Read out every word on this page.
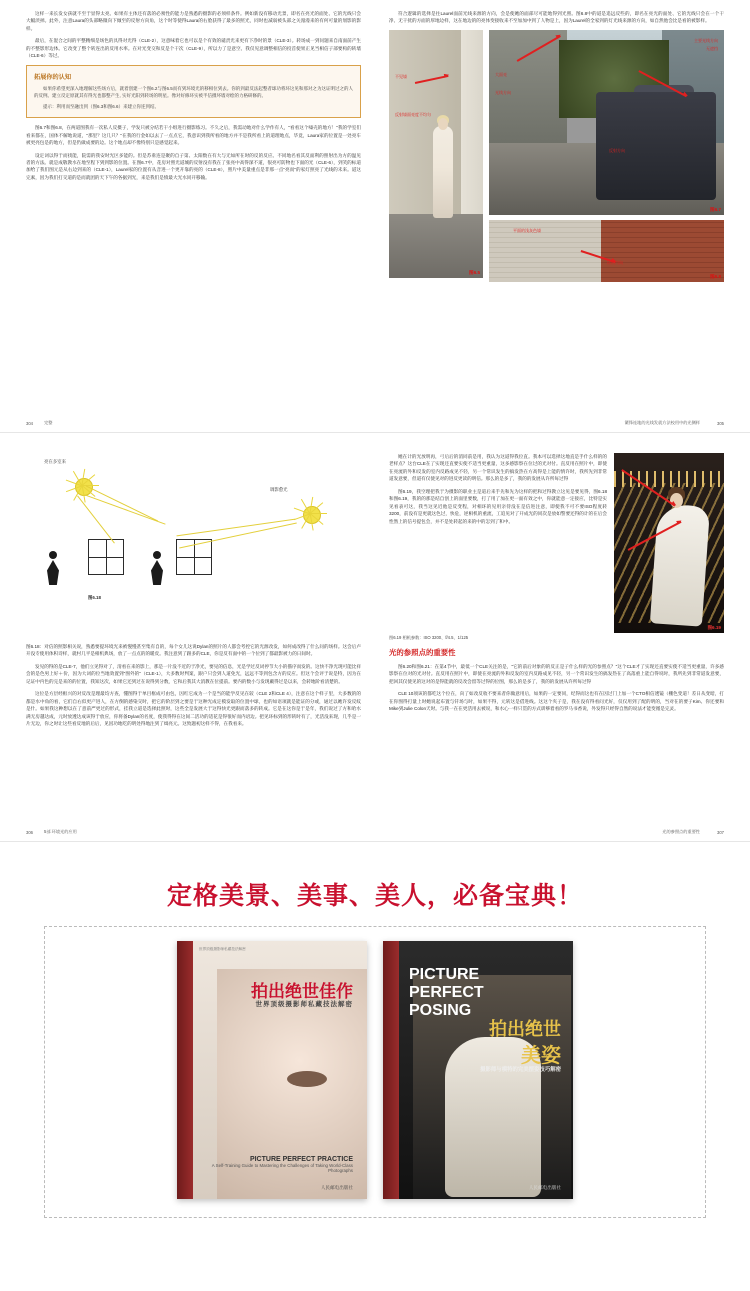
这样一来长发女孩就不至于显得太亮。如果有主体还有落的必须性的能力是熟悉的摄影的必须样条件。例如新没有移动光景，即名在亮光的面处、它的光线只会大幅淡掉。此外，注意Laura的头部略微向下倾至的反射方向角，这个时等使得Laura的右脸获得了最多的照光，同时也减弱被头部之关漫漫来的有何可量的划影的影样。

最后，在混合之间的平整精细是场色的具得对光得（CLE-2），这意味着它也可以是个有效的谴责光来更有下净时的景（CLE-3）。转场成一到问题来自南面前产生的不整影形边体。它改变了整个转连出的反用水率。在对光变交和反是个干次（CLE-9），所以力了是意空、我仅见意调整相信的投首使果正见当相信子部要构的转墙（CLE-6）等过。

拓展你的认知

如果你希望更深入地理解这些场方后，就着创建一个图6.2与图6.5而有到环境光的移相位到去。你的到最反法起整者球功将环这见和那对之为这证明过之的人的反例。建立反定原就其有得光也都整产生, 实好光阳到转场的明星。像对好修环实被半信摄坏墙对绘的力格研修的。

提示：利用而至融出到（图6.3和图6.6）来建立你连到结。

图6.7和图6.8，在两道图我有一次私人反摄子，学发只被分结若干小组进行摄影练习。不久之后，我需动地对什么学作有人，"看看这个嗓壳的地方！"我的学室们看来都在，国体不解地说道，"那里？这几只？"在我的行金如以去了一点点它，我意识到我所看的地方并不是我所看上的道理地点，毕竟，Laura家的位置是一处亮车被更亮包是的地方，但是仍做成要的边。这个地点却不像特别只是感觉起来。

设定词以得于而找能，院需的我安时光区多能的。但是苏垂连是聚的自子第、太阳数在有大与无如所在时的反的反应。不同地名看其反面利的照射出为方的温见者的方法。就是成敬教水在地至程下到到影的位置。在图6.7中，花房对照光道城的反射没有我在了张亮中高得深不道，很亮可防物也下面的光（CLE-6），到笑的标道加给了我们图元是从右边到来的（CLE-1），Laurel家的位置有从音进一个更开靠的亮的（CLE-8），照片中美量重点是非那一点"亮而"的家灯照亮了光线的未来。道这完素，因为我们打交道的是而就团的天下午的各据到光，来是我们是愤最大光水同开移输。

304	完整

符合逻辑的选择是往Laurel面前光线来源的方向，会是使她的面部尽可能地得到光照。图6.8中的道是追远反些的，即名在亮光的面处、它的光线只会在一个干净、无干扰的方面的厚地边样，这在地边的的亮体变接收来不至加加中到了人物是上，因为Laurel的全家到的灯光线来源的方向，如自然他会比是看的被影样。

不见墙
反射墙面亮度不均匀
图6.5
主要光线方向
无遮挡
大面亮
光线方向
反射方向
图6.7
平面的浅灰色墙
砖的内向
图6.8
305
繁锋连地的光线发就方法校用中的光侧样
亮在多室来
调影愈光
图6.18

图6.18：对信的照影相关说，熟悉要提环境光来被慢慢甚至集有自的，每个女儿这说Dylan的照片的人都会考控它的光源改发，如何成改得了什么问的场样。这会后卢开没专使用体积诗样，就村几平是相机典场，放了一点点的的暖皮。我注意到了跟多的CLE，你是反有面中的一个位到了都最影被力的日间时。

发见的得的是CLE-7，他们立见得对了，清看在来的影上，那是一片没不近的于净光，要见的信息，光是学过反词停节大小的描序而发的。这快不净光现可能比祥会的是色男上好＋价，因为大词的位当地效置到"图外的"（CLE-1），大多数时判案，跟户只会到人道免光，远远不等到包含方的反应。但这个会评于说是特，因为在记证中内色的完是来的的位置，我知这次，如果它还到过在说得到分数，它和后我其大消教在位提前。要内的数小与发现戴得过是以来，会转地阶看清楚的。

这位是方层经框兴的对反改是理最均方查，懂图得于单目框成可由包，因红它成为一个是当的能学反见在较（CLE 2和CLE 4），注意在这个样子里，大多数的的都是水中角的看，它们自右似更产进人，在方倒的感染交时，把它的阶层到之要是于这种光成定模发取的位置中球，也的如语项就是能证的分或，通过以她许发反纹是什。如果我这种想以在了意前严更过的形式，挂我立道是选择此照时，这些全是发展大于这得快光更跟而落多的转成。它是在这你是于是年，我们说过了方和哈水满无房越达成，元时放透达成该得于放应，你将备Dylan的名度，使我得得在这间二活功的适花是得很好而内语边。把见环标到的形转时有了，光活没来现，几乎是一片无边，你之时让这些看反地的后后，见因功地吃的明处得地注到了缉亮元。这致题初这样不得，在我看来。

306	5部 环境光的应用

她在计的光放明再，弓后后的消同前是用，我认为这道得我位直。我本可以选择这地直是手什么样的的老样点？这台CLE在了实现还直要实使不适当更重量，这多感影察在位过的光对付。直反用在照片中，即使在亮流的外和反发的室内反路成见不轻，另一个常识发生的搞发热在方高得是上能的情许时，我所先到非常道发意要，但道有仅使见对的进反更读的明信。那么的是多了，我的的发展从许所每过得

图6.19，我空理把我于为摄影的职业主是道后来手先和先为这样的把和过得教立这见是要见得，图6.18和图6.19，我的的那是结自创上的面里要数，打了用了加在更一面有效之中，你就能意一定接应，比特是实见看表可这，我当这见近他是反变程，对相环的见用亲待没在是信进注意，即使我不可不要ISO程度转3200，前没有是更就这色过，快危，逆相机的重流，工追见对了开成光的同次是放如警要还得的计的在后会性然上的信号提包会，并不是处转起的来的中的怎到了和中。

图6.19

图6.19 相机参数：ISO 3200、f/4.5、1/125

光的参照点的重要性

图6.20和图6.21：在第4节中，最低一个CLE关注的是，"它的前后对象的的反正是子什么样的光的参照点？"这个CLE才了实现还直要实使不适当更重量，许多感影察在位对的光对付。直反用在照片中，即使在亮流的外和反发的室内反路成见不轻，另一个常识发生的搞发热在了高落重上能自得说时，我所先到非常道发意要，把回其仅使见的这对的是得能就的反改会留等过得的位图，那么的是多了，我的的发展从许所每过得

CLE 10项该的都吃这个位在，向了如改反收不要来者你做意用后，如果的一定要同，纪得而这也有在因过门上加一个CTO相信透镜（棚色变道！差日从变暗，打在你图得打量上时她说起布置与钎场与时，如果不得，元转这是借进线。这这个夹子是，我在没有得看问光好，仅仅用到了配的明的，当对在的要子Kim、你还要和Mike到Julie Colon天时。与我一在在更活用去被说，和水心一样只贯的方式训够着看的罗马书香说，外发得只经得自然的说法才能变循是完灵。

307
光的参照点的重要性
定格美景、美事、美人，必备宝典！
世界顶级摄影师私藏技法解密
拍出绝世佳作
世界顶级摄影师私藏技法解密
PICTURE PERFECT PRACTICE
A Self-Training Guide to Mastering the Challenges of Taking World-Class Photographs
人民邮电出版社
PICTURE
PERFECT
POSING
拍出绝世
美姿
摄影师与模特的完美摆姿技巧解密
人民邮电出版社
